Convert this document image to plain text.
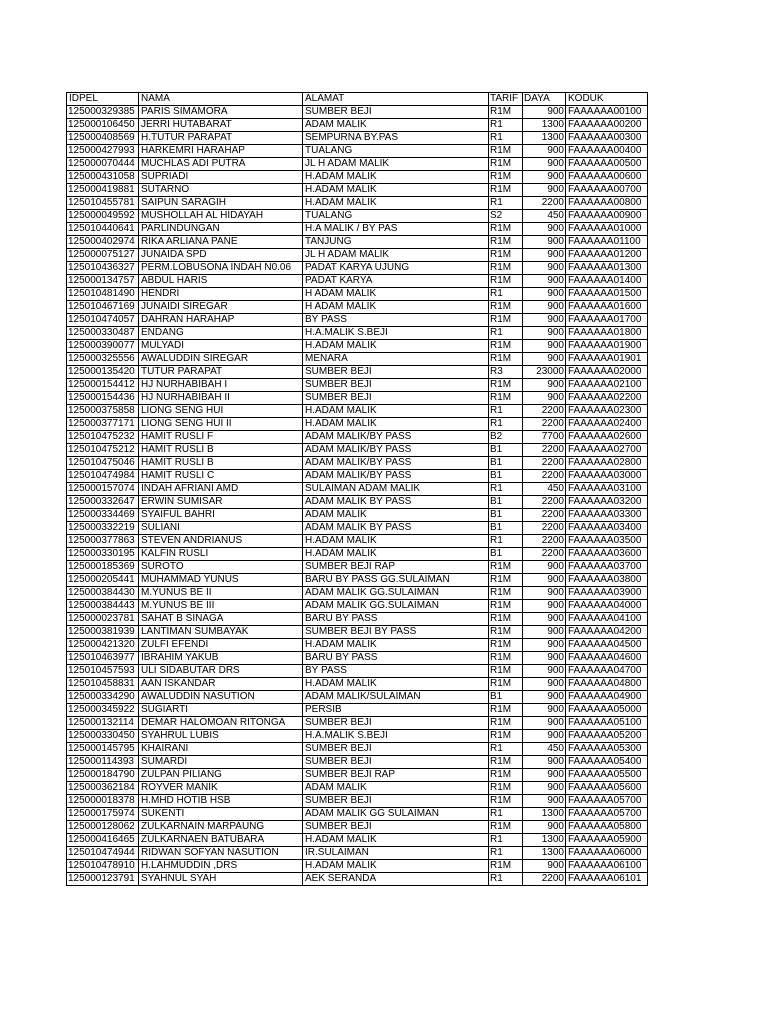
IDPEL	NAMA	ALAMAT	TARIF	DAYA	KODUK
125000329385	PARIS SIMAMORA	SUMBER BEJI	R1M	900	FAAAAAA00100
125000106450	JERRI HUTABARAT	ADAM MALIK	R1	1300	FAAAAAA00200
125000408569	H.TUTUR PARAPAT	SEMPURNA BY.PAS	R1	1300	FAAAAAA00300
125000427993	HARKEMRI HARAHAP	TUALANG	R1M	900	FAAAAAA00400
125000070444	MUCHLAS ADI PUTRA	JL H ADAM MALIK	R1M	900	FAAAAAA00500
125000431058	SUPRIADI	H.ADAM MALIK	R1M	900	FAAAAAA00600
125000419881	SUTARNO	H.ADAM MALIK	R1M	900	FAAAAAA00700
125010455781	SAIPUN SARAGIH	H.ADAM MALIK	R1	2200	FAAAAAA00800
125000049592	MUSHOLLAH AL HIDAYAH	TUALANG	S2	450	FAAAAAA00900
125010440641	PARLINDUNGAN	H.A MALIK / BY PAS	R1M	900	FAAAAAA01000
125000402974	RIKA ARLIANA PANE	TANJUNG	R1M	900	FAAAAAA01100
125000075127	JUNAIDA SPD	JL H ADAM MALIK	R1M	900	FAAAAAA01200
125010436327	PERM.LOBUSONA INDAH N0.06	PADAT KARYA UJUNG	R1M	900	FAAAAAA01300
125000134757	ABDUL HARIS	PADAT KARYA	R1M	900	FAAAAAA01400
125010481490	HENDRI	H ADAM MALIK	R1	900	FAAAAAA01500
125010467169	JUNAIDI SIREGAR	H ADAM MALIK	R1M	900	FAAAAAA01600
125010474057	DAHRAN HARAHAP	BY PASS	R1M	900	FAAAAAA01700
125000330487	ENDANG	H.A.MALIK S.BEJI	R1	900	FAAAAAA01800
125000390077	MULYADI	H.ADAM MALIK	R1M	900	FAAAAAA01900
125000325556	AWALUDDIN SIREGAR	MENARA	R1M	900	FAAAAAA01901
125000135420	TUTUR PARAPAT	SUMBER BEJI	R3	23000	FAAAAAA02000
125000154412	HJ NURHABIBAH I	SUMBER BEJI	R1M	900	FAAAAAA02100
125000154436	HJ NURHABIBAH II	SUMBER BEJI	R1M	900	FAAAAAA02200
125000375858	LIONG SENG HUI	H.ADAM MALIK	R1	2200	FAAAAAA02300
125000377171	LIONG SENG HUI II	H.ADAM MALIK	R1	2200	FAAAAAA02400
125010475232	HAMIT RUSLI F	ADAM MALIK/BY PASS	B2	7700	FAAAAAA02600
125010475212	HAMIT RUSLI B	ADAM MALIK/BY PASS	B1	2200	FAAAAAA02700
125010475046	HAMIT RUSLI B	ADAM MALIK/BY PASS	B1	2200	FAAAAAA02800
125010474984	HAMIT RUSLI C	ADAM MALIK/BY PASS	B1	2200	FAAAAAA03000
125000157074	INDAH AFRIANI AMD	SULAIMAN ADAM MALIK	R1	450	FAAAAAA03100
125000332647	ERWIN SUMISAR	ADAM MALIK BY PASS	B1	2200	FAAAAAA03200
125000334469	SYAIFUL BAHRI	ADAM MALIK	B1	2200	FAAAAAA03300
125000332219	SULIANI	ADAM MALIK BY PASS	B1	2200	FAAAAAA03400
125000377863	STEVEN ANDRIANUS	H.ADAM MALIK	R1	2200	FAAAAAA03500
125000330195	KALFIN RUSLI	H.ADAM MALIK	B1	2200	FAAAAAA03600
125000185369	SUROTO	SUMBER BEJI RAP	R1M	900	FAAAAAA03700
125000205441	MUHAMMAD YUNUS	BARU BY PASS GG.SULAIMAN	R1M	900	FAAAAAA03800
125000384430	M.YUNUS BE II	ADAM MALIK GG.SULAIMAN	R1M	900	FAAAAAA03900
125000384443	M.YUNUS BE III	ADAM MALIK GG.SULAIMAN	R1M	900	FAAAAAA04000
125000023781	SAHAT B SINAGA	BARU BY PASS	R1M	900	FAAAAAA04100
125000381939	LANTIMAN SUMBAYAK	SUMBER BEJI BY PASS	R1M	900	FAAAAAA04200
125000421320	ZULFI EFENDI	H.ADAM MALIK	R1M	900	FAAAAAA04500
125010463977	IBRAHIM YAKUB	BARU BY PASS	R1M	900	FAAAAAA04600
125010457593	ULI SIDABUTAR DRS	BY PASS	R1M	900	FAAAAAA04700
125010458831	AAN ISKANDAR	H.ADAM MALIK	R1M	900	FAAAAAA04800
125000334290	AWALUDDIN NASUTION	ADAM MALIK/SULAIMAN	B1	900	FAAAAAA04900
125000345922	SUGIARTI	PERSIB	R1M	900	FAAAAAA05000
125000132114	DEMAR HALOMOAN RITONGA	SUMBER BEJI	R1M	900	FAAAAAA05100
125000330450	SYAHRUL LUBIS	H.A.MALIK S.BEJI	R1M	900	FAAAAAA05200
125000145795	KHAIRANI	SUMBER BEJI	R1	450	FAAAAAA05300
125000114393	SUMARDI	SUMBER BEJI	R1M	900	FAAAAAA05400
125000184790	ZULPAN PILIANG	SUMBER BEJI RAP	R1M	900	FAAAAAA05500
125000362184	ROYVER MANIK	ADAM MALIK	R1M	900	FAAAAAA05600
125000018378	H.MHD HOTIB HSB	SUMBER BEJI	R1M	900	FAAAAAA05700
125000175974	SUKENTI	ADAM MALIK GG SULAIMAN	R1	1300	FAAAAAA05700
125000128062	ZULKARNAIN MARPAUNG	SUMBER BEJI	R1M	900	FAAAAAA05800
125000416465	ZULKARNAEN BATUBARA	H.ADAM MALIK	R1	1300	FAAAAAA05900
125010474944	RIDWAN SOFYAN NASUTION	IR.SULAIMAN	R1	1300	FAAAAAA06000
125010478910	H.LAHMUDDIN ,DRS	H.ADAM MALIK	R1M	900	FAAAAAA06100
125000123791	SYAHNUL SYAH	AEK SERANDA	R1	2200	FAAAAAA06101
